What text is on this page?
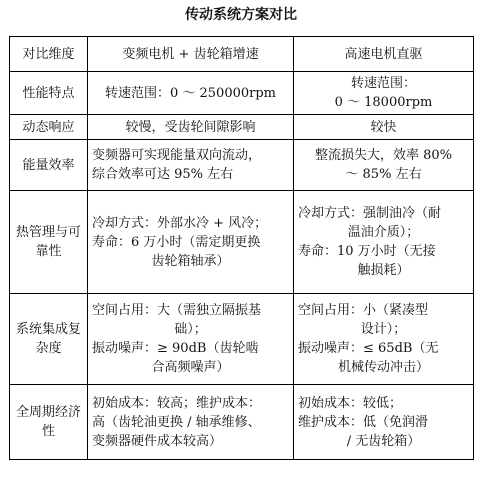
传动系统方案对比
对比维度	变频电机 + 齿轮箱增速	高速电机直驱
性能特点	转速范围：0 ～ 250000rpm	转速范围：
0 ～ 18000rpm

动态响应	较慢，受齿轮间隙影响	较快

能量效率	变频器可实现能量双向流动，
综合效率可达 95% 左右	整流损失大，效率 80%
～ 85% 左右

热管理与可靠性	冷却方式：外部水冷 + 风冷；
寿命：6 万小时（需定期更换
齿轮箱轴承）	冷却方式：强制油冷（耐
温油介质）；
寿命：10 万小时（无接
触损耗）

系统集成复杂度	空间占用：大（需独立隔振基
础）；
振动噪声：≥ 90dB（齿轮啮
合高频噪声）	空间占用：小（紧凑型
设计）；
振动噪声：≤ 65dB（无
机械传动冲击）

全周期经济性	初始成本：较高；维护成本：
高（齿轮油更换 / 轴承维修、
变频器硬件成本较高）	初始成本：较低；
维护成本：低（免润滑
/ 无齿轮箱）
